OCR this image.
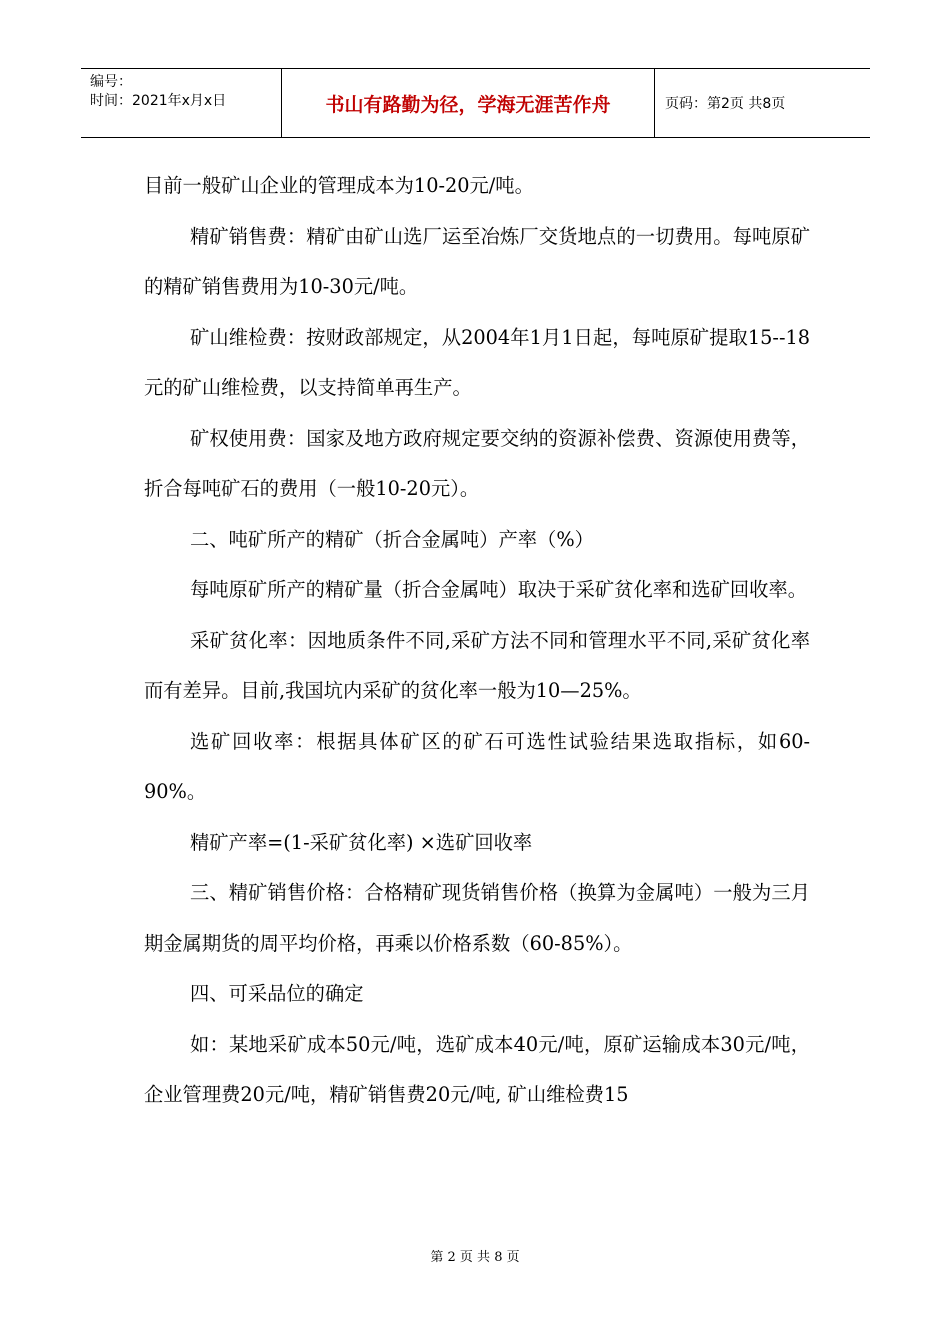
编号：
时间：2021年x月x日	书山有路勤为径，学海无涯苦作舟	页码：第2页 共8页

目前一般矿山企业的管理成本为10-20元/吨。

精矿销售费：精矿由矿山选厂运至冶炼厂交货地点的一切费用。每吨原矿的精矿销售费用为10-30元/吨。

矿山维检费：按财政部规定，从2004年1月1日起，每吨原矿提取15--18元的矿山维检费，以支持简单再生产。

矿权使用费：国家及地方政府规定要交纳的资源补偿费、资源使用费等，折合每吨矿石的费用（一般10-20元）。

二、吨矿所产的精矿（折合金属吨）产率（%）

每吨原矿所产的精矿量（折合金属吨）取决于采矿贫化率和选矿回收率。

采矿贫化率：因地质条件不同,采矿方法不同和管理水平不同,采矿贫化率而有差异。目前,我国坑内采矿的贫化率一般为10—25%。

选矿回收率：根据具体矿区的矿石可选性试验结果选取指标，如60-90%。

精矿产率=(1-采矿贫化率) ×选矿回收率

三、精矿销售价格：合格精矿现货销售价格（换算为金属吨）一般为三月期金属期货的周平均价格，再乘以价格系数（60-85%）。

四、可采品位的确定

如：某地采矿成本50元/吨，选矿成本40元/吨，原矿运输成本30元/吨，企业管理费20元/吨，精矿销售费20元/吨, 矿山维检费15

第 2 页 共 8 页
